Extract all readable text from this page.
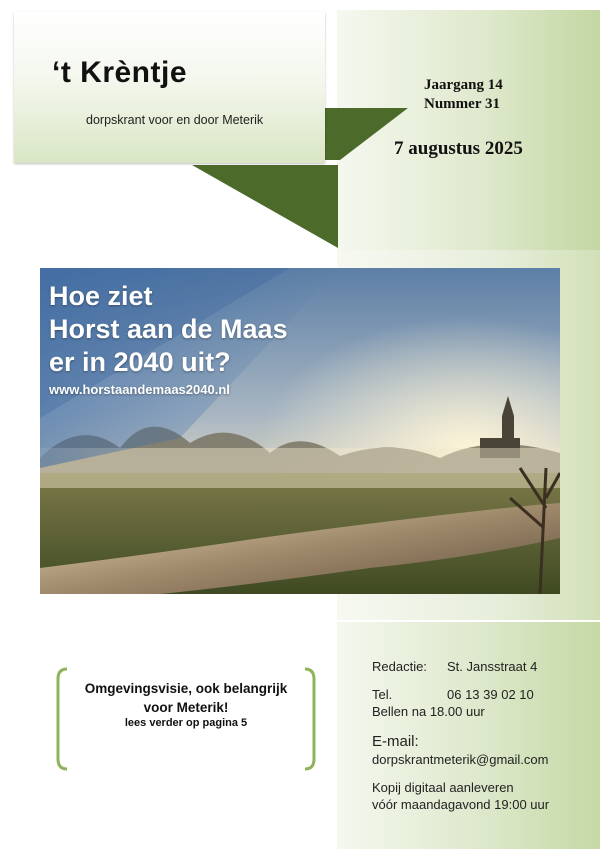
‘t Krèntje
dorpskrant voor en door Meterik
Jaargang 14
Nummer 31
7 augustus 2025
Hoe ziet
Horst aan de Maas
er in 2040 uit?
www.horstaandemaas2040.nl
Omgevingsvisie, ook belangrijk
voor Meterik!
lees verder op pagina 5
Redactie: St. Jansstraat 4
Tel.	06 13 39 02 10
Bellen na 18.00 uur
E-mail:
dorpskrantmeterik@gmail.com
Kopij digitaal aanleveren
vóór maandagavond 19:00 uur
